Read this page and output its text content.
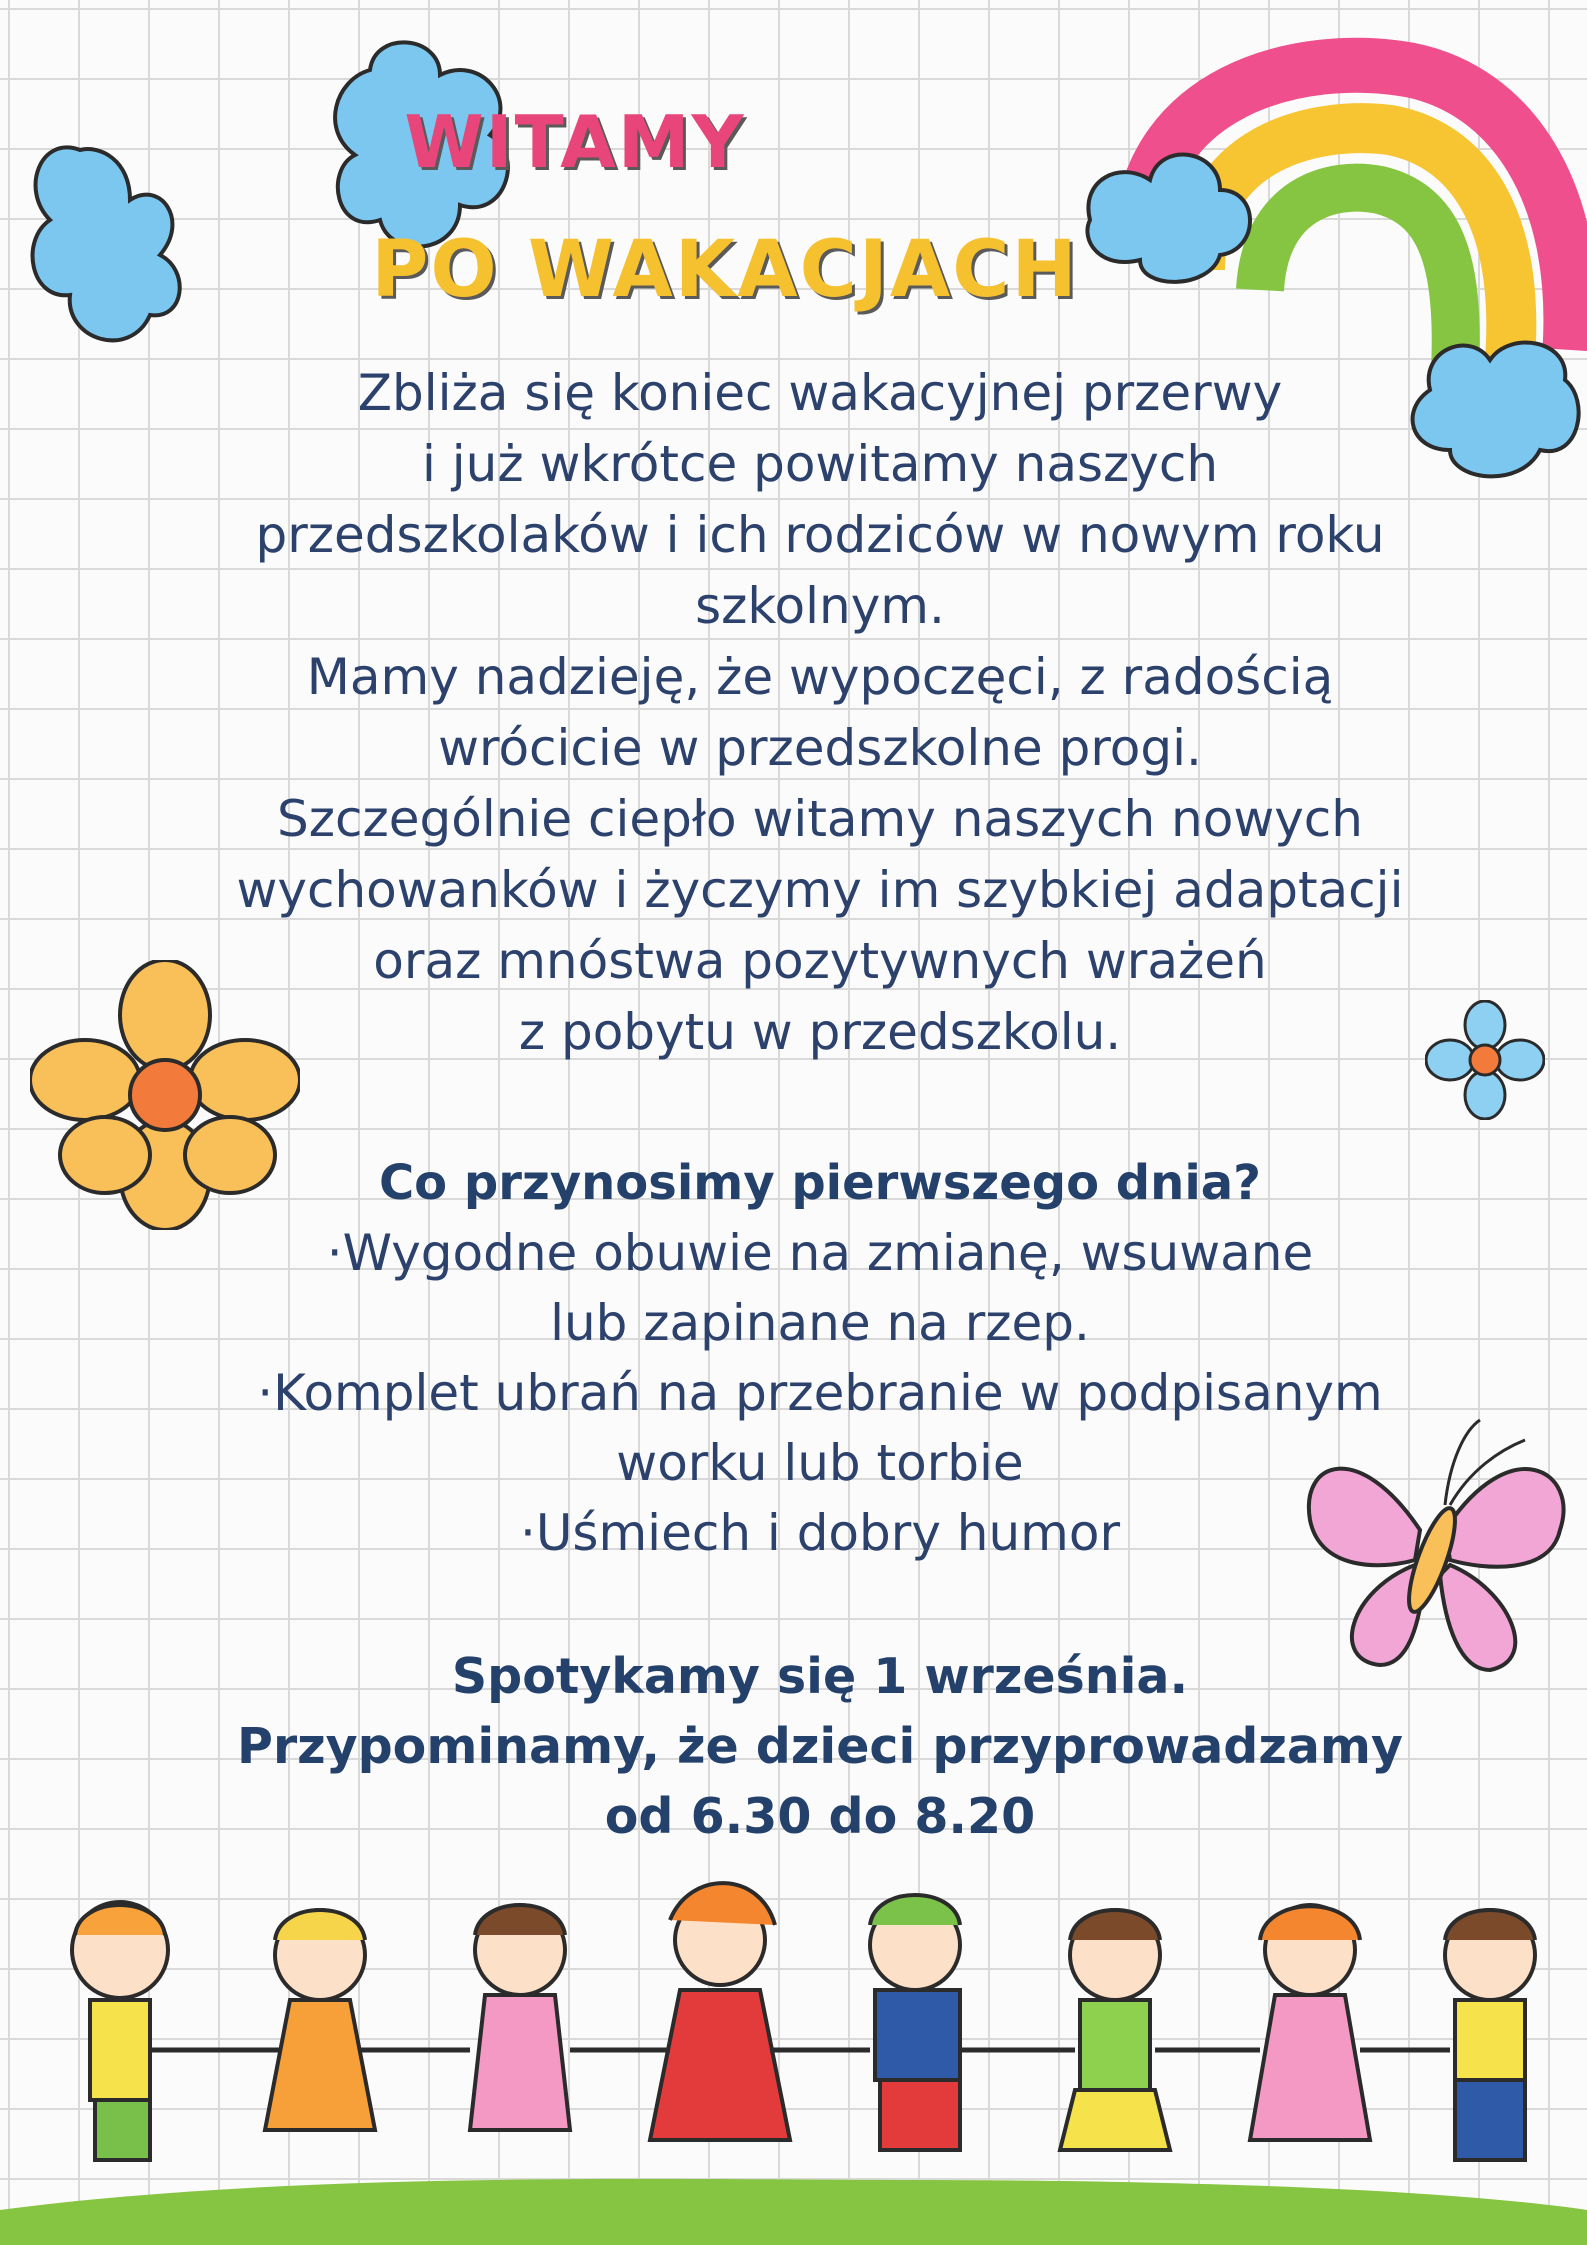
WITAMY
PO WAKACJACH

Zbliża się koniec wakacyjnej przerwy

i już wkrótce powitamy naszych

przedszkolaków i ich rodziców w nowym roku

szkolnym.

Mamy nadzieję, że wypoczęci, z radością

wrócicie w przedszkolne progi.

Szczególnie ciepło witamy naszych nowych

wychowanków i życzymy im szybkiej adaptacji

oraz mnóstwa pozytywnych wrażeń

z pobytu w przedszkolu.

Co przynosimy pierwszego dnia?

·Wygodne obuwie na zmianę, wsuwane

lub zapinane na rzep.

·Komplet ubrań na przebranie w podpisanym

worku lub torbie

·Uśmiech i dobry humor

Spotykamy się 1 września.

Przypominamy, że dzieci przyprowadzamy

od 6.30 do 8.20
